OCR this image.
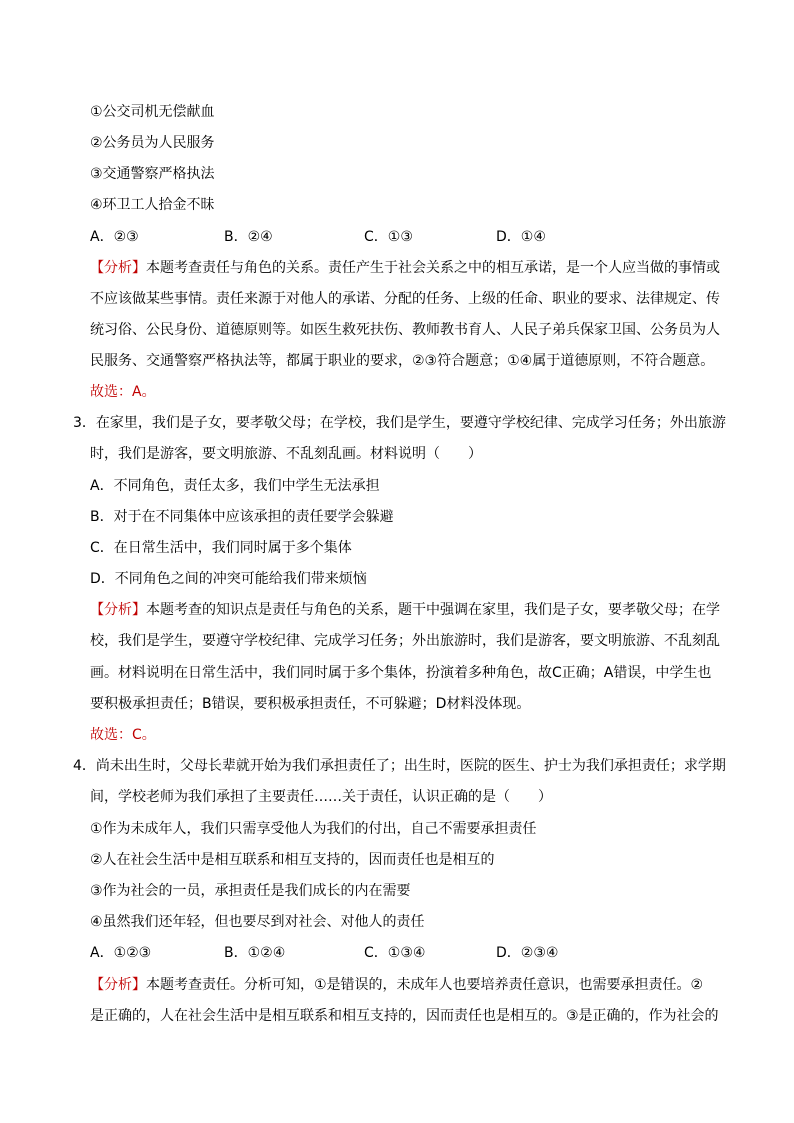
①公交司机无偿献血
②公务员为人民服务
③交通警察严格执法
④环卫工人拾金不昧
A．②③	B．②④	C．①③	D．①④
【分析】本题考查责任与角色的关系。责任产生于社会关系之中的相互承诺，是一个人应当做的事情或
不应该做某些事情。责任来源于对他人的承诺、分配的任务、上级的任命、职业的要求、法律规定、传
统习俗、公民身份、道德原则等。如医生救死扶伤、教师教书育人、人民子弟兵保家卫国、公务员为人
民服务、交通警察严格执法等，都属于职业的要求，②③符合题意；①④属于道德原则，不符合题意。
故选：A。
3．在家里，我们是子女，要孝敬父母；在学校，我们是学生，要遵守学校纪律、完成学习任务；外出旅游
时，我们是游客，要文明旅游、不乱刻乱画。材料说明（　　）
A．不同角色，责任太多，我们中学生无法承担
B．对于在不同集体中应该承担的责任要学会躲避
C．在日常生活中，我们同时属于多个集体
D．不同角色之间的冲突可能给我们带来烦恼
【分析】本题考查的知识点是责任与角色的关系，题干中强调在家里，我们是子女，要孝敬父母；在学
校，我们是学生，要遵守学校纪律、完成学习任务；外出旅游时，我们是游客，要文明旅游、不乱刻乱
画。材料说明在日常生活中，我们同时属于多个集体，扮演着多种角色，故C正确；A错误，中学生也
要积极承担责任；B错误，要积极承担责任，不可躲避；D材料没体现。
故选：C。
4．尚未出生时，父母长辈就开始为我们承担责任了；出生时，医院的医生、护士为我们承担责任；求学期
间，学校老师为我们承担了主要责任……关于责任，认识正确的是（　　）
①作为未成年人，我们只需享受他人为我们的付出，自己不需要承担责任
②人在社会生活中是相互联系和相互支持的，因而责任也是相互的
③作为社会的一员，承担责任是我们成长的内在需要
④虽然我们还年轻，但也要尽到对社会、对他人的责任
A．①②③	B．①②④	C．①③④	D．②③④
【分析】本题考查责任。分析可知，①是错误的，未成年人也要培养责任意识，也需要承担责任。②
是正确的，人在社会生活中是相互联系和相互支持的，因而责任也是相互的。③是正确的，作为社会的
